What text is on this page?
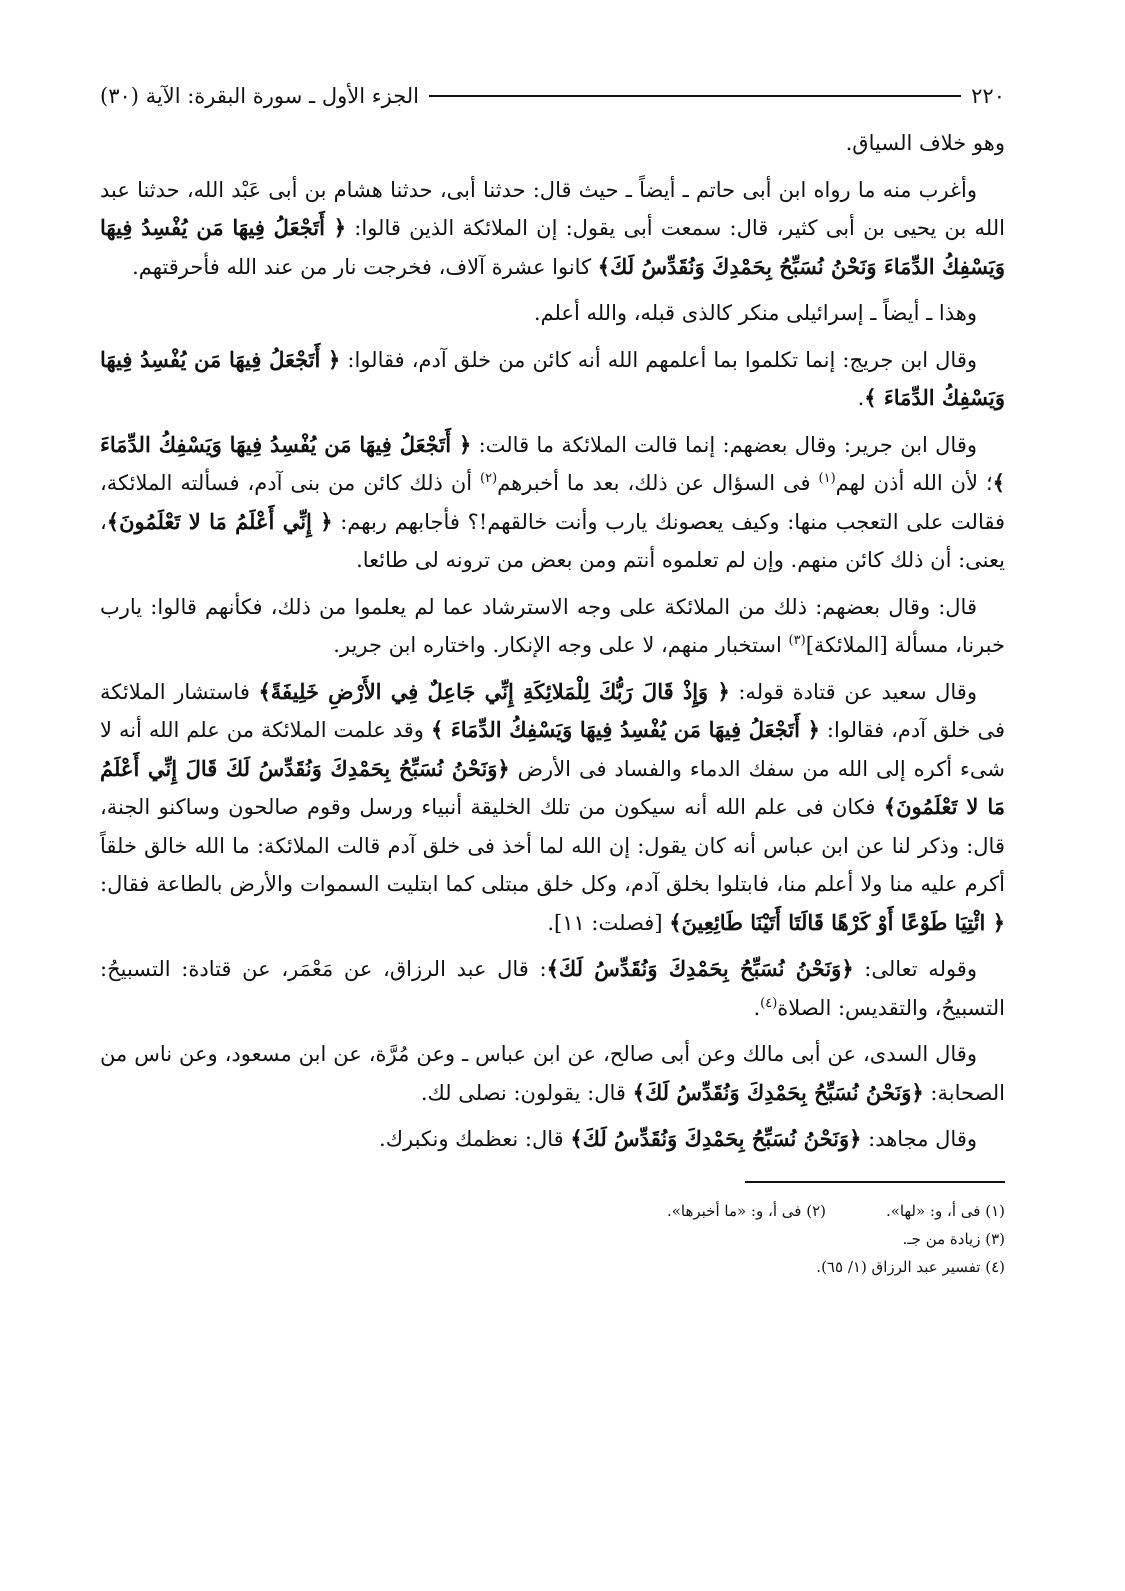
٢٢٠
الجزء الأول ـ سورة البقرة: الآية (٣٠)

وهو خلاف السياق.

وأغرب منه ما رواه ابن أبى حاتم ـ أيضاً ـ حيث قال: حدثنا أبى، حدثنا هشام بن أبى عَبْد الله، حدثنا عبد الله بن يحيى بن أبى كثير، قال: سمعت أبى يقول: إن الملائكة الذين قالوا: ﴿ أَتَجْعَلُ فِيهَا مَن يُفْسِدُ فِيهَا وَيَسْفِكُ الدِّمَاءَ وَنَحْنُ نُسَبِّحُ بِحَمْدِكَ وَنُقَدِّسُ لَكَ﴾ كانوا عشرة آلاف، فخرجت نار من عند الله فأحرقتهم.

وهذا ـ أيضاً ـ إسرائيلى منكر كالذى قبله، والله أعلم.

وقال ابن جريج: إنما تكلموا بما أعلمهم الله أنه كائن من خلق آدم، فقالوا: ﴿ أَتَجْعَلُ فِيهَا مَن يُفْسِدُ فِيهَا وَيَسْفِكُ الدِّمَاءَ ﴾.

وقال ابن جرير: وقال بعضهم: إنما قالت الملائكة ما قالت: ﴿ أَتَجْعَلُ فِيهَا مَن يُفْسِدُ فِيهَا وَيَسْفِكُ الدِّمَاءَ ﴾؛ لأن الله أذن لهم$^{(١)}$ فى السؤال عن ذلك، بعد ما أخبرهم$^{(٢)}$ أن ذلك كائن من بنى آدم، فسألته الملائكة، فقالت على التعجب منها: وكيف يعصونك يارب وأنت خالقهم!؟ فأجابهم ربهم: ﴿ إِنِّي أَعْلَمُ مَا لا تَعْلَمُونَ﴾، يعنى: أن ذلك كائن منهم. وإن لم تعلموه أنتم ومن بعض من ترونه لى طائعا.

قال: وقال بعضهم: ذلك من الملائكة على وجه الاسترشاد عما لم يعلموا من ذلك، فكأنهم قالوا: يارب خبرنا، مسألة [الملائكة]$^{(٣)}$ استخبار منهم، لا على وجه الإنكار. واختاره ابن جرير.

وقال سعيد عن قتادة قوله: ﴿ وَإِذْ قَالَ رَبُّكَ لِلْمَلائِكَةِ إِنِّي جَاعِلٌ فِي الأَرْضِ خَلِيفَةً﴾ فاستشار الملائكة فى خلق آدم، فقالوا: ﴿ أَتَجْعَلُ فِيهَا مَن يُفْسِدُ فِيهَا وَيَسْفِكُ الدِّمَاءَ ﴾ وقد علمت الملائكة من علم الله أنه لا شىء أكره إلى الله من سفك الدماء والفساد فى الأرض ﴿وَنَحْنُ نُسَبِّحُ بِحَمْدِكَ وَنُقَدِّسُ لَكَ قَالَ إِنِّي أَعْلَمُ مَا لا تَعْلَمُونَ﴾ فكان فى علم الله أنه سيكون من تلك الخليقة أنبياء ورسل وقوم صالحون وساكنو الجنة، قال: وذكر لنا عن ابن عباس أنه كان يقول: إن الله لما أخذ فى خلق آدم قالت الملائكة: ما الله خالق خلقاً أكرم عليه منا ولا أعلم منا، فابتلوا بخلق آدم، وكل خلق مبتلى كما ابتليت السموات والأرض بالطاعة فقال: ﴿ ائْتِيَا طَوْعًا أَوْ كَرْهًا قَالَتَا أَتَيْنَا طَائِعِينَ﴾ [فصلت: ١١].

وقوله تعالى: ﴿وَنَحْنُ نُسَبِّحُ بِحَمْدِكَ وَنُقَدِّسُ لَكَ﴾: قال عبد الرزاق، عن مَعْمَر، عن قتادة: التسبيحُ: التسبيحُ، والتقديس: الصلاة$^{(٤)}$.

وقال السدى، عن أبى مالك وعن أبى صالح، عن ابن عباس ـ وعن مُرَّة، عن ابن مسعود، وعن ناس من الصحابة: ﴿وَنَحْنُ نُسَبِّحُ بِحَمْدِكَ وَنُقَدِّسُ لَكَ﴾ قال: يقولون: نصلى لك.

وقال مجاهد: ﴿وَنَحْنُ نُسَبِّحُ بِحَمْدِكَ وَنُقَدِّسُ لَكَ﴾ قال: نعظمك ونكبرك.

(١) فى أ، و: «لها».
(٢) فى أ، و: «ما أخبرها».
(٣) زيادة من جـ.
(٤) تفسير عبد الرزاق (١/ ٦٥).
